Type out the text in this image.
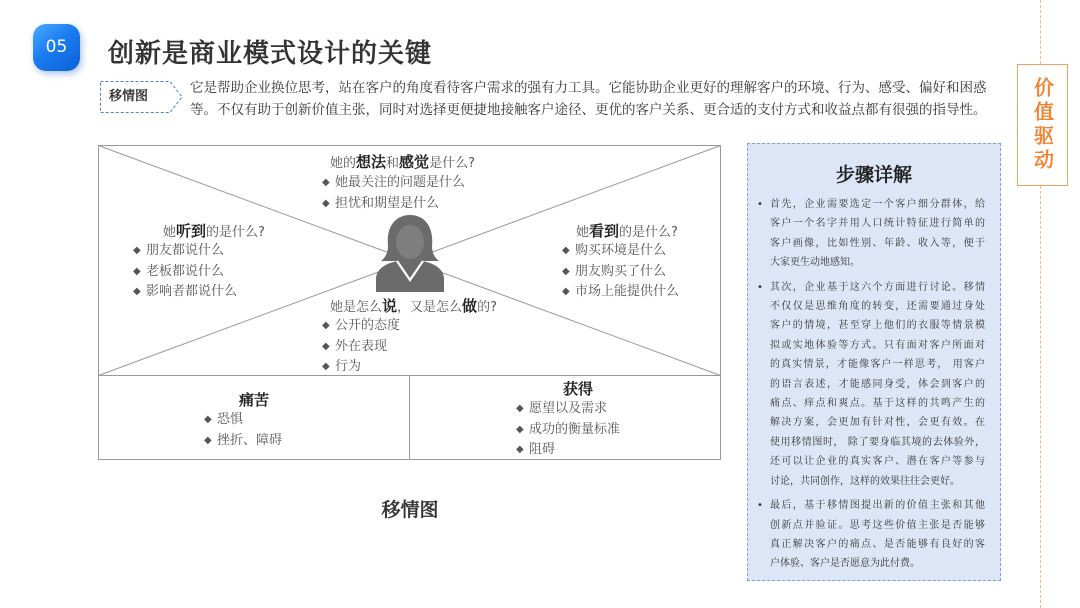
05 创新是商业模式设计的关键
价值驱动
移情图
它是帮助企业换位思考，站在客户的角度看待客户需求的强有力工具。它能协助企业更好的理解客户的环境、行为、感受、偏好和困惑等。不仅有助于创新价值主张，同时对选择更便捷地接触客户途径、更优的客户关系、更合适的支付方式和收益点都有很强的指导性。
她的想法和感觉是什么?
◆ 她最关注的问题是什么
◆ 担忧和期望是什么
她听到的是什么?
◆ 朋友都说什么
◆ 老板都说什么
◆ 影响者都说什么
她看到的是什么?
◆ 购买环境是什么
◆ 朋友购买了什么
◆ 市场上能提供什么
她是怎么说，又是怎么做的?
◆ 公开的态度
◆ 外在表现
◆ 行为
痛苦
◆ 恐惧
◆ 挫折、障碍
获得
◆ 愿望以及需求
◆ 成功的衡量标准
◆ 阻碍
移情图
步骤详解
• 首先，企业需要选定一个客户细分群体，给
客户一个名字并用人口统计特征进行简单的
客户画像，比如性别、年龄、收入等，便于
大家更生动地感知。
• 其次，企业基于这六个方面进行讨论。移情
不仅仅是思维角度的转变，还需要通过身处
客户的情境，甚至穿上他们的衣服等情景模
拟或实地体验等方式。只有面对客户所面对
的真实情景，才能像客户一样思考， 用客户
的语言表述，才能感同身受，体会到客户的
痛点、痒点和爽点。基于这样的共鸣产生的
解决方案，会更加有针对性，会更有效。在
使用移情图时， 除了要身临其境的去体验外，
还可以让企业的真实客户、潜在客户等参与
讨论，共同创作，这样的效果往往会更好。
• 最后，基于移情图提出新的价值主张和其他
创新点并验证。思考这些价值主张是否能够
真正解决客户的痛点、是否能够有良好的客
户体验、客户是否愿意为此付费。
